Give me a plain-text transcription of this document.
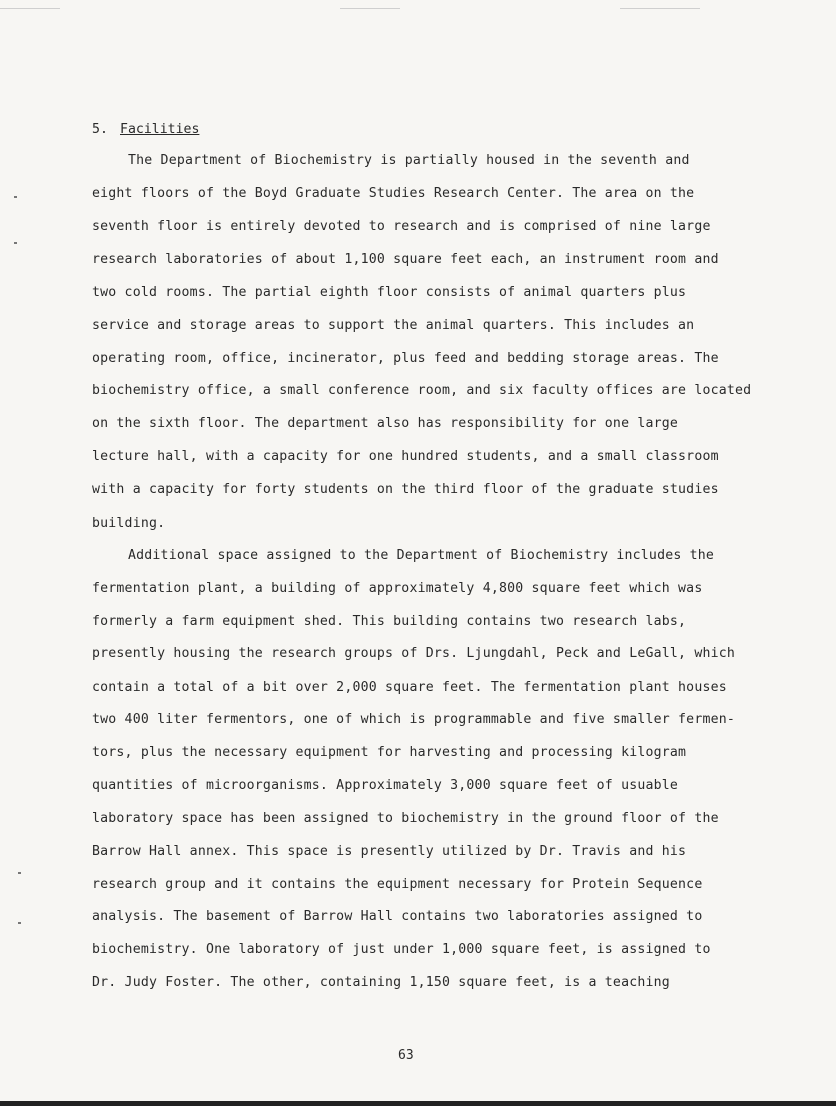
5. Facilities
The Department of Biochemistry is partially housed in the seventh and
eight floors of the Boyd Graduate Studies Research Center. The area on the
seventh floor is entirely devoted to research and is comprised of nine large
research laboratories of about 1,100 square feet each, an instrument room and
two cold rooms. The partial eighth floor consists of animal quarters plus
service and storage areas to support the animal quarters. This includes an
operating room, office, incinerator, plus feed and bedding storage areas. The
biochemistry office, a small conference room, and six faculty offices are located
on the sixth floor. The department also has responsibility for one large
lecture hall, with a capacity for one hundred students, and a small classroom
with a capacity for forty students on the third floor of the graduate studies
building.
Additional space assigned to the Department of Biochemistry includes the
fermentation plant, a building of approximately 4,800 square feet which was
formerly a farm equipment shed. This building contains two research labs,
presently housing the research groups of Drs. Ljungdahl, Peck and LeGall, which
contain a total of a bit over 2,000 square feet. The fermentation plant houses
two 400 liter fermentors, one of which is programmable and five smaller fermen-
tors, plus the necessary equipment for harvesting and processing kilogram
quantities of microorganisms. Approximately 3,000 square feet of usuable
laboratory space has been assigned to biochemistry in the ground floor of the
Barrow Hall annex. This space is presently utilized by Dr. Travis and his
research group and it contains the equipment necessary for Protein Sequence
analysis. The basement of Barrow Hall contains two laboratories assigned to
biochemistry. One laboratory of just under 1,000 square feet, is assigned to
Dr. Judy Foster. The other, containing 1,150 square feet, is a teaching
63
